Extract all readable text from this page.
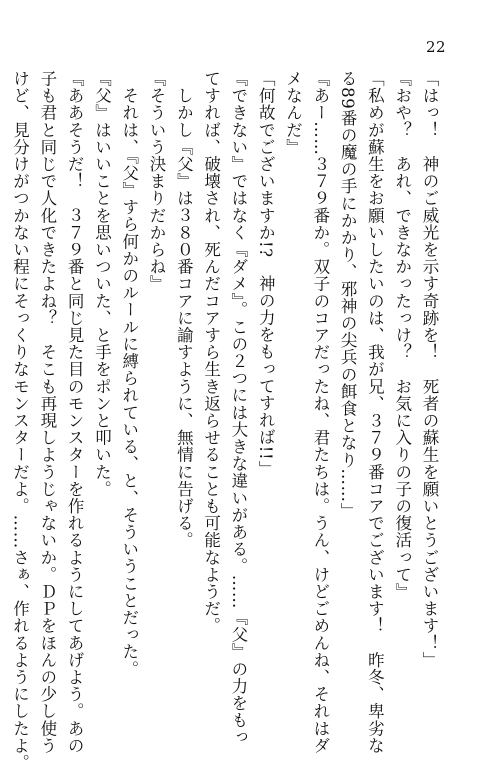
22

「はっ！　神のご威光を示す奇跡を！　死者の蘇生を願いとうございます！」

『おや？　あれ、できなかったっけ？　お気に入りの子の復活って』

「私めが蘇生をお願いしたいのは、我が兄、３７９番コアでございます！　昨冬、卑劣な

る89番の魔の手にかかり、邪神の尖兵の餌食となり……」

『あー……３７９番か。双子のコアだったね、君たちは。うん、けどごめんね、それはダ

メなんだ』

「何故でございますか!?　神の力をもってすれば!!」

『できない』ではなく『ダメ』。この２つには大きな違いがある。……『父』の力をもっ

てすれば、破壊され、死んだコアすら生き返らせることも可能なようだ。

　しかし『父』は３８０番コアに諭すように、無情に告げる。

『そういう決まりだからね』

　それは、『父』すら何かのルールに縛られている、と、そういうことだった。

『父』はいいことを思いついた、と手をポンと叩いた。

『ああそうだ！　３７９番と同じ見た目のモンスターを作れるようにしてあげよう。あの

子も君と同じで人化できたよね？　そこも再現しようじゃないか。ＤＰをほんの少し使う

けど、見分けがつかない程にそっくりなモンスターだよ。……さぁ、作れるようにしたよ。
